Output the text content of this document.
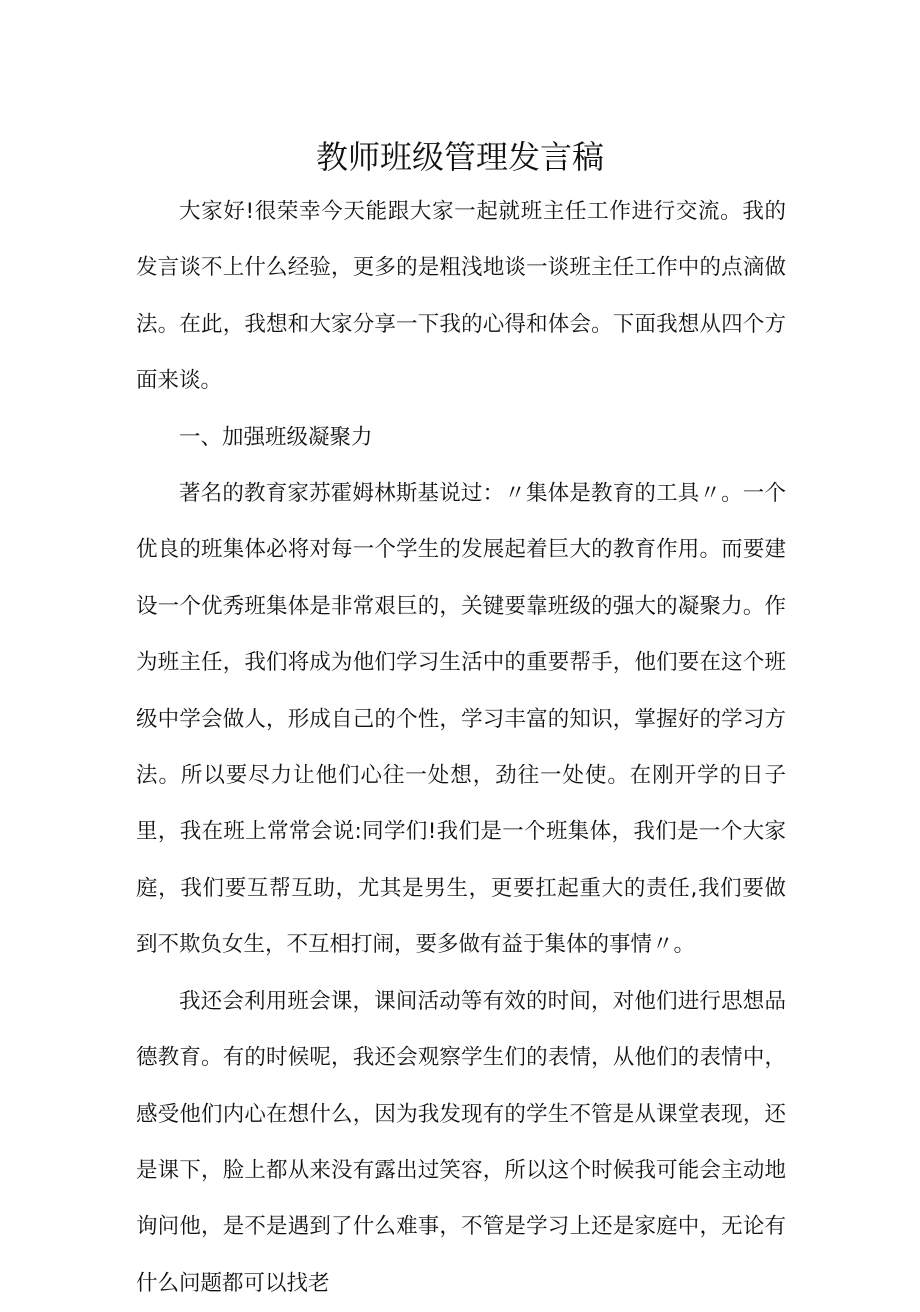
教师班级管理发言稿

大家好!很荣幸今天能跟大家一起就班主任工作进行交流。我的发言谈不上什么经验，更多的是粗浅地谈一谈班主任工作中的点滴做法。在此，我想和大家分享一下我的心得和体会。下面我想从四个方面来谈。

一、加强班级凝聚力

著名的教育家苏霍姆林斯基说过：〃集体是教育的工具〃。一个优良的班集体必将对每一个学生的发展起着巨大的教育作用。而要建设一个优秀班集体是非常艰巨的，关键要靠班级的强大的凝聚力。作为班主任，我们将成为他们学习生活中的重要帮手，他们要在这个班级中学会做人，形成自己的个性，学习丰富的知识，掌握好的学习方法。所以要尽力让他们心往一处想，劲往一处使。在刚开学的日子里，我在班上常常会说:同学们!我们是一个班集体，我们是一个大家庭，我们要互帮互助，尤其是男生，更要扛起重大的责任,我们要做到不欺负女生，不互相打闹，要多做有益于集体的事情〃。

我还会利用班会课，课间活动等有效的时间，对他们进行思想品德教育。有的时候呢，我还会观察学生们的表情，从他们的表情中，感受他们内心在想什么，因为我发现有的学生不管是从课堂表现，还是课下，脸上都从来没有露出过笑容，所以这个时候我可能会主动地询问他，是不是遇到了什么难事，不管是学习上还是家庭中，无论有什么问题都可以找老
